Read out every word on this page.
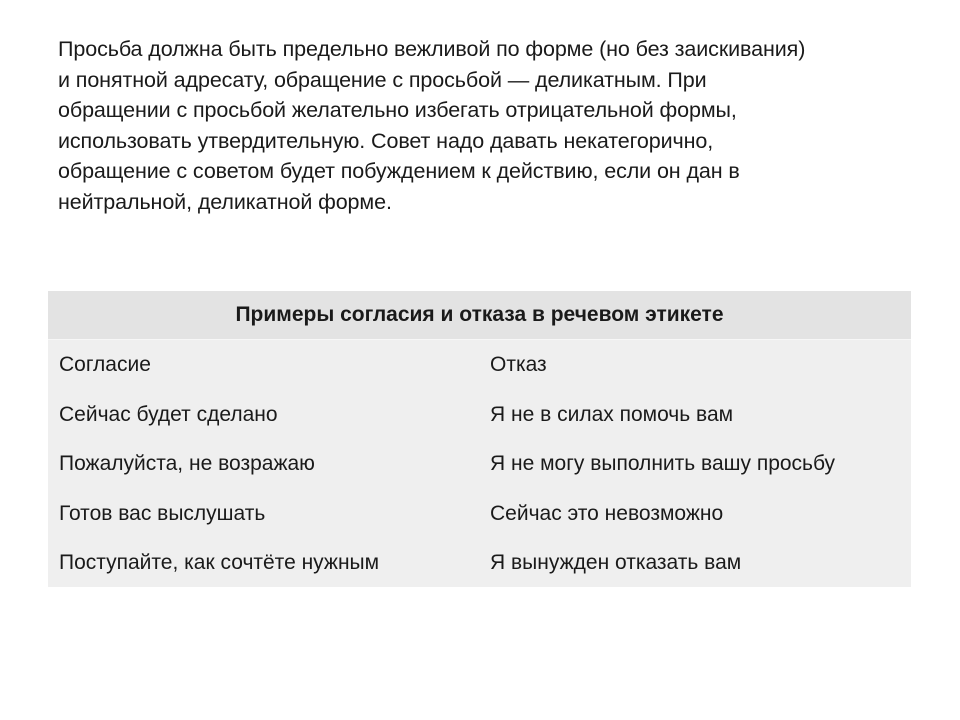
Просьба должна быть предельно вежливой по форме (но без заискивания)
и понятной адресату, обращение с просьбой — деликатным. При
обращении с просьбой желательно избегать отрицательной формы,
использовать утвердительную. Совет надо давать некатегорично,
обращение с советом будет побуждением к действию, если он дан в
нейтральной, деликатной форме.

Примеры согласия и отказа в речевом этикете
Согласие	Отказ
Сейчас будет сделано	Я не в силах помочь вам
Пожалуйста, не возражаю	Я не могу выполнить вашу просьбу
Готов вас выслушать	Сейчас это невозможно
Поступайте, как сочтёте нужным	Я вынужден отказать вам
